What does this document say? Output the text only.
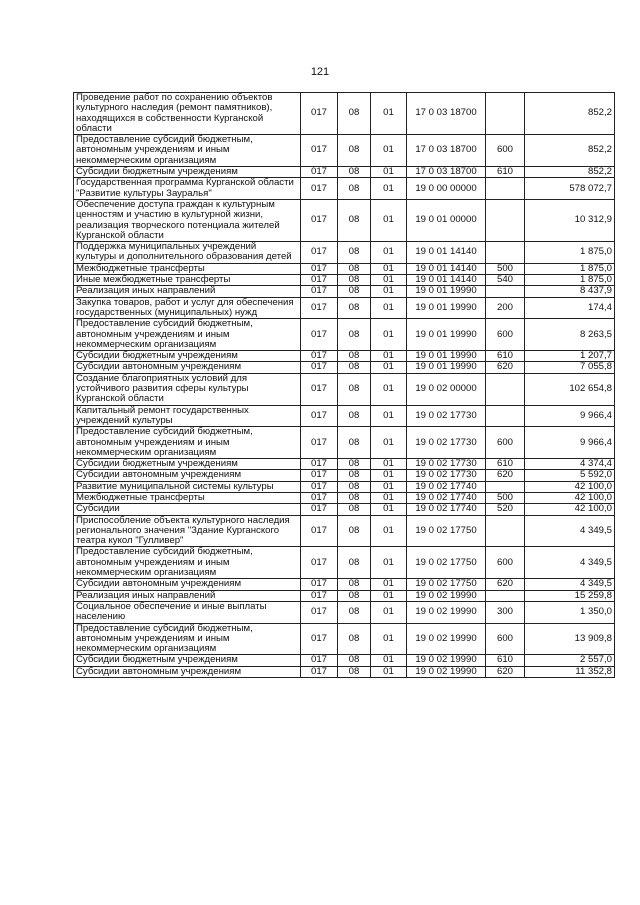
121
Проведение работ по сохранению объектов культурного наследия (ремонт памятников), находящихся в собственности Курганской области	017	08	01	17 0 03 18700		852,2
Предоставление субсидий бюджетным, автономным учреждениям и иным некоммерческим организациям	017	08	01	17 0 03 18700	600	852,2
Субсидии бюджетным учреждениям	017	08	01	17 0 03 18700	610	852,2
Государственная программа Курганской области "Развитие культуры Зауралья"	017	08	01	19 0 00 00000		578 072,7
Обеспечение доступа граждан к культурным ценностям и участию в культурной жизни, реализация творческого потенциала жителей Курганской области	017	08	01	19 0 01 00000		10 312,9
Поддержка муниципальных учреждений культуры и дополнительного образования детей	017	08	01	19 0 01 14140		1 875,0
Межбюджетные трансферты	017	08	01	19 0 01 14140	500	1 875,0
Иные межбюджетные трансферты	017	08	01	19 0 01 14140	540	1 875,0
Реализация иных направлений	017	08	01	19 0 01 19990		8 437,9
Закупка товаров, работ и услуг для обеспечения государственных (муниципальных) нужд	017	08	01	19 0 01 19990	200	174,4
Предоставление субсидий бюджетным, автономным учреждениям и иным некоммерческим организациям	017	08	01	19 0 01 19990	600	8 263,5
Субсидии бюджетным учреждениям	017	08	01	19 0 01 19990	610	1 207,7
Субсидии автономным учреждениям	017	08	01	19 0 01 19990	620	7 055,8
Создание благоприятных условий для устойчивого развития сферы культуры Курганской области	017	08	01	19 0 02 00000		102 654,8
Капитальный ремонт государственных учреждений культуры	017	08	01	19 0 02 17730		9 966,4
Предоставление субсидий бюджетным, автономным учреждениям и иным некоммерческим организациям	017	08	01	19 0 02 17730	600	9 966,4
Субсидии бюджетным учреждениям	017	08	01	19 0 02 17730	610	4 374,4
Субсидии автономным учреждениям	017	08	01	19 0 02 17730	620	5 592,0
Развитие муниципальной системы культуры	017	08	01	19 0 02 17740		42 100,0
Межбюджетные трансферты	017	08	01	19 0 02 17740	500	42 100,0
Субсидии	017	08	01	19 0 02 17740	520	42 100,0
Приспособление объекта культурного наследия регионального значения "Здание Курганского театра кукол "Гулливер"	017	08	01	19 0 02 17750		4 349,5
Предоставление субсидий бюджетным, автономным учреждениям и иным некоммерческим организациям	017	08	01	19 0 02 17750	600	4 349,5
Субсидии автономным учреждениям	017	08	01	19 0 02 17750	620	4 349,5
Реализация иных направлений	017	08	01	19 0 02 19990		15 259,8
Социальное обеспечение и иные выплаты населению	017	08	01	19 0 02 19990	300	1 350,0
Предоставление субсидий бюджетным, автономным учреждениям и иным некоммерческим организациям	017	08	01	19 0 02 19990	600	13 909,8
Субсидии бюджетным учреждениям	017	08	01	19 0 02 19990	610	2 557,0
Субсидии автономным учреждениям	017	08	01	19 0 02 19990	620	11 352,8
